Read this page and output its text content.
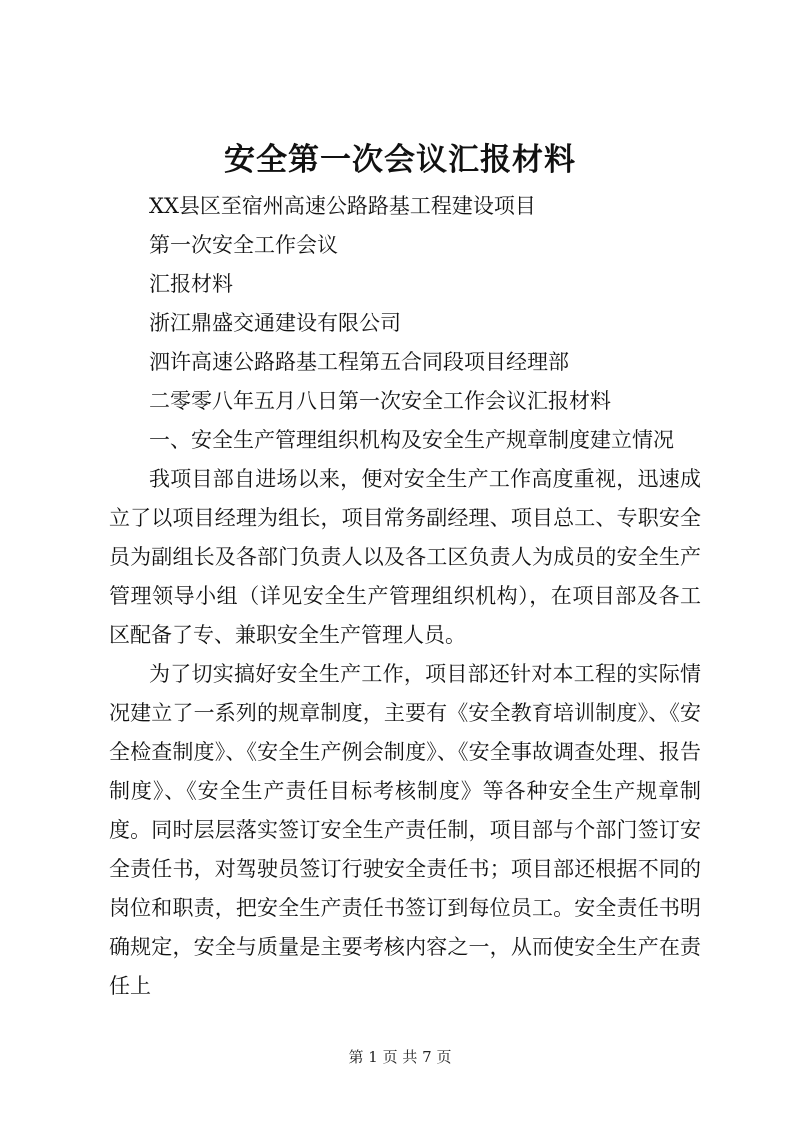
安全第一次会议汇报材料
XX县区至宿州高速公路路基工程建设项目
第一次安全工作会议
汇报材料
浙江鼎盛交通建设有限公司
泗许高速公路路基工程第五合同段项目经理部
二零零八年五月八日第一次安全工作会议汇报材料
一、安全生产管理组织机构及安全生产规章制度建立情况

我项目部自进场以来，便对安全生产工作高度重视，迅速成立了以项目经理为组长，项目常务副经理、项目总工、专职安全员为副组长及各部门负责人以及各工区负责人为成员的安全生产管理领导小组（详见安全生产管理组织机构），在项目部及各工区配备了专、兼职安全生产管理人员。

为了切实搞好安全生产工作，项目部还针对本工程的实际情况建立了一系列的规章制度，主要有《安全教育培训制度》、《安全检查制度》、《安全生产例会制度》、《安全事故调查处理、报告制度》、《安全生产责任目标考核制度》等各种安全生产规章制度。同时层层落实签订安全生产责任制，项目部与个部门签订安全责任书，对驾驶员签订行驶安全责任书；项目部还根据不同的岗位和职责，把安全生产责任书签订到每位员工。安全责任书明确规定，安全与质量是主要考核内容之一，从而使安全生产在责任上

第 1 页 共 7 页
